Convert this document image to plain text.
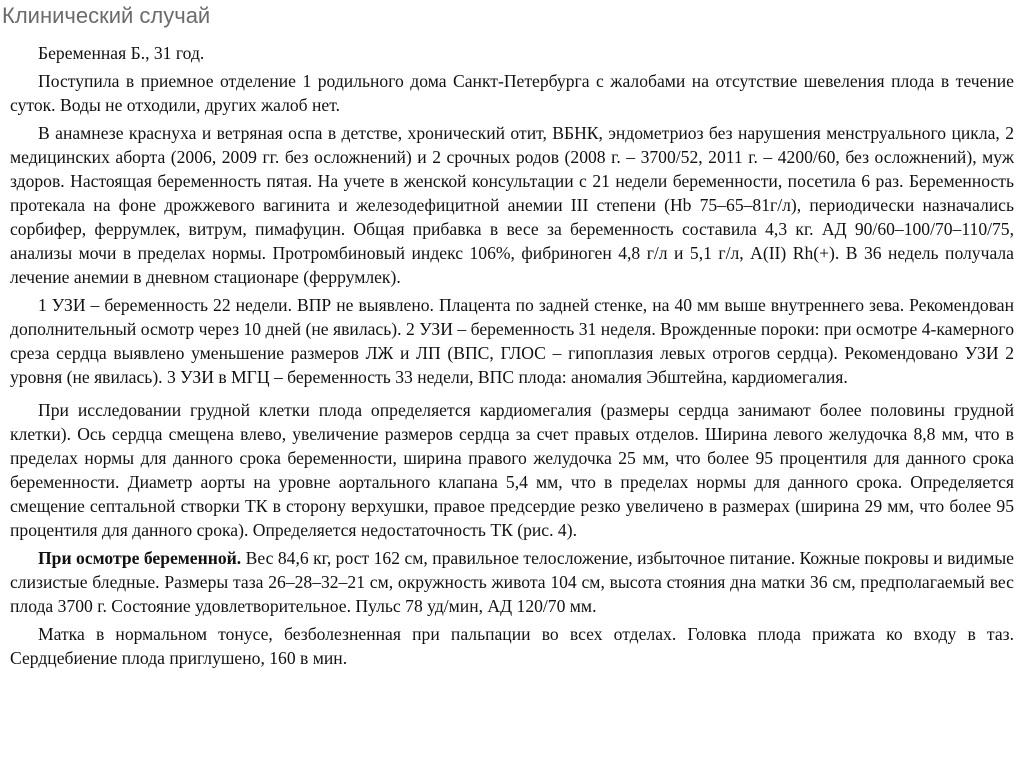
Клинический случай

Беременная Б., 31 год.

Поступила в приемное отделение 1 родильного дома Санкт-Петербурга с жалобами на отсутствие шевеления плода в течение суток. Воды не отходили, других жалоб нет.

В анамнезе краснуха и ветряная оспа в детстве, хронический отит, ВБНК, эндометриоз без нарушения менструального цикла, 2 медицинских аборта (2006, 2009 гг. без осложнений) и 2 срочных родов (2008 г. – 3700/52, 2011 г. – 4200/60, без осложнений), муж здоров. Настоящая беременность пятая. На учете в женской консультации с 21 недели беременности, посетила 6 раз. Беременность протекала на фоне дрожжевого вагинита и железодефицитной анемии III степени (Hb 75–65–81г/л), периодически назначались сорбифер, феррумлек, витрум, пимафуцин. Общая прибавка в весе за беременность составила 4,3 кг. АД 90/60–100/70–110/75, анализы мочи в пределах нормы. Протромбиновый индекс 106%, фибриноген 4,8 г/л и 5,1 г/л, A(II) Rh(+). В 36 недель получала лечение анемии в дневном стационаре (феррумлек).

1 УЗИ – беременность 22 недели. ВПР не выявлено. Плацента по задней стенке, на 40 мм выше внутреннего зева. Рекомендован дополнительный осмотр через 10 дней (не явилась). 2 УЗИ – беременность 31 неделя. Врожденные пороки: при осмотре 4-камерного среза сердца выявлено уменьшение размеров ЛЖ и ЛП (ВПС, ГЛОС – гипоплазия левых отрогов сердца). Рекомендовано УЗИ 2 уровня (не явилась). 3 УЗИ в МГЦ – беременность 33 недели, ВПС плода: аномалия Эбштейна, кардиомегалия.

При исследовании грудной клетки плода определяется кардиомегалия (размеры сердца занимают более половины грудной клетки). Ось сердца смещена влево, увеличение размеров сердца за счет правых отделов. Ширина левого желудочка 8,8 мм, что в пределах нормы для данного срока беременности, ширина правого желудочка 25 мм, что более 95 процентиля для данного срока беременности. Диаметр аорты на уровне аортального клапана 5,4 мм, что в пределах нормы для данного срока. Определяется смещение септальной створки ТК в сторону верхушки, правое предсердие резко увеличено в размерах (ширина 29 мм, что более 95 процентиля для данного срока). Определяется недостаточность ТК (рис. 4).

При осмотре беременной. Вес 84,6 кг, рост 162 см, правильное телосложение, избыточное питание. Кожные покровы и видимые слизистые бледные. Размеры таза 26–28–32–21 см, окружность живота 104 см, высота стояния дна матки 36 см, предполагаемый вес плода 3700 г. Состояние удовлетворительное. Пульс 78 уд/мин, АД 120/70 мм.

Матка в нормальном тонусе, безболезненная при пальпации во всех отделах. Головка плода прижата ко входу в таз. Сердцебиение плода приглушено, 160 в мин.
